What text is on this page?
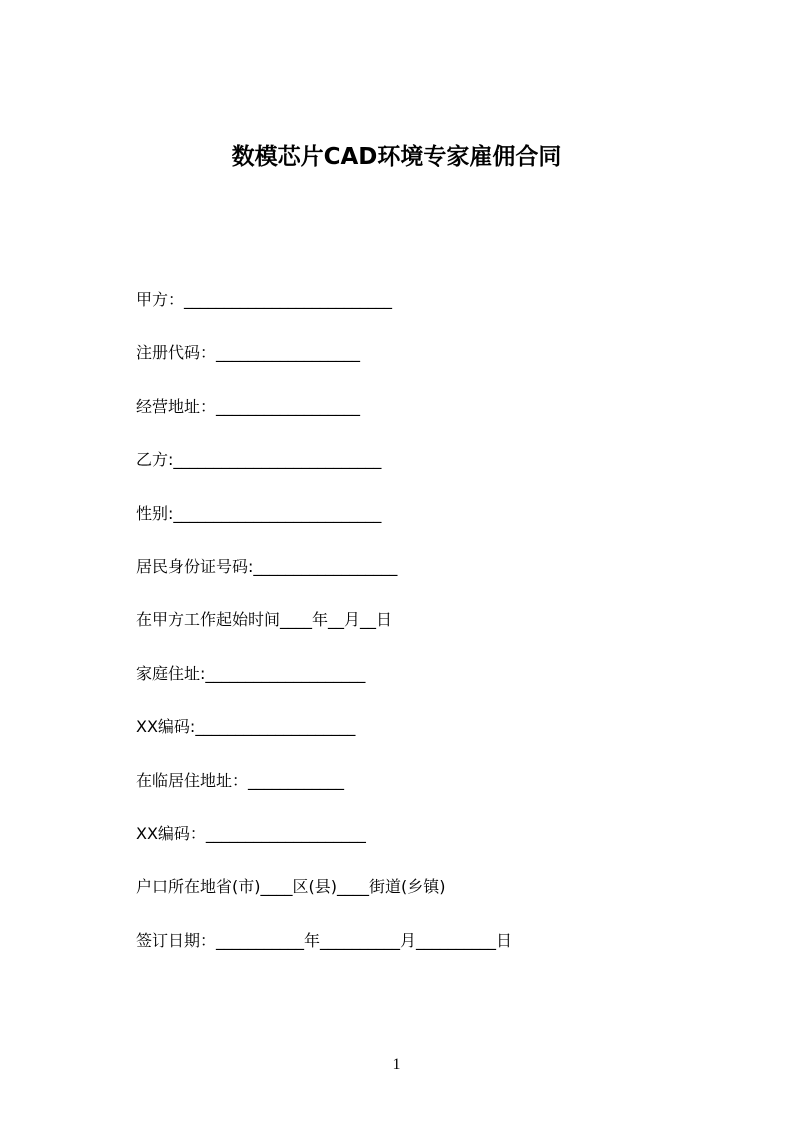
数模芯片CAD环境专家雇佣合同
甲方：__________________________
注册代码：__________________
经营地址：__________________
乙方:__________________________
性别:__________________________
居民身份证号码:__________________
在甲方工作起始时间____年__月__日
家庭住址:____________________
XX编码:____________________
在临居住地址：____________
XX编码：____________________
户口所在地省(市)____区(县)____街道(乡镇)
签订日期：___________年__________月__________日
1
